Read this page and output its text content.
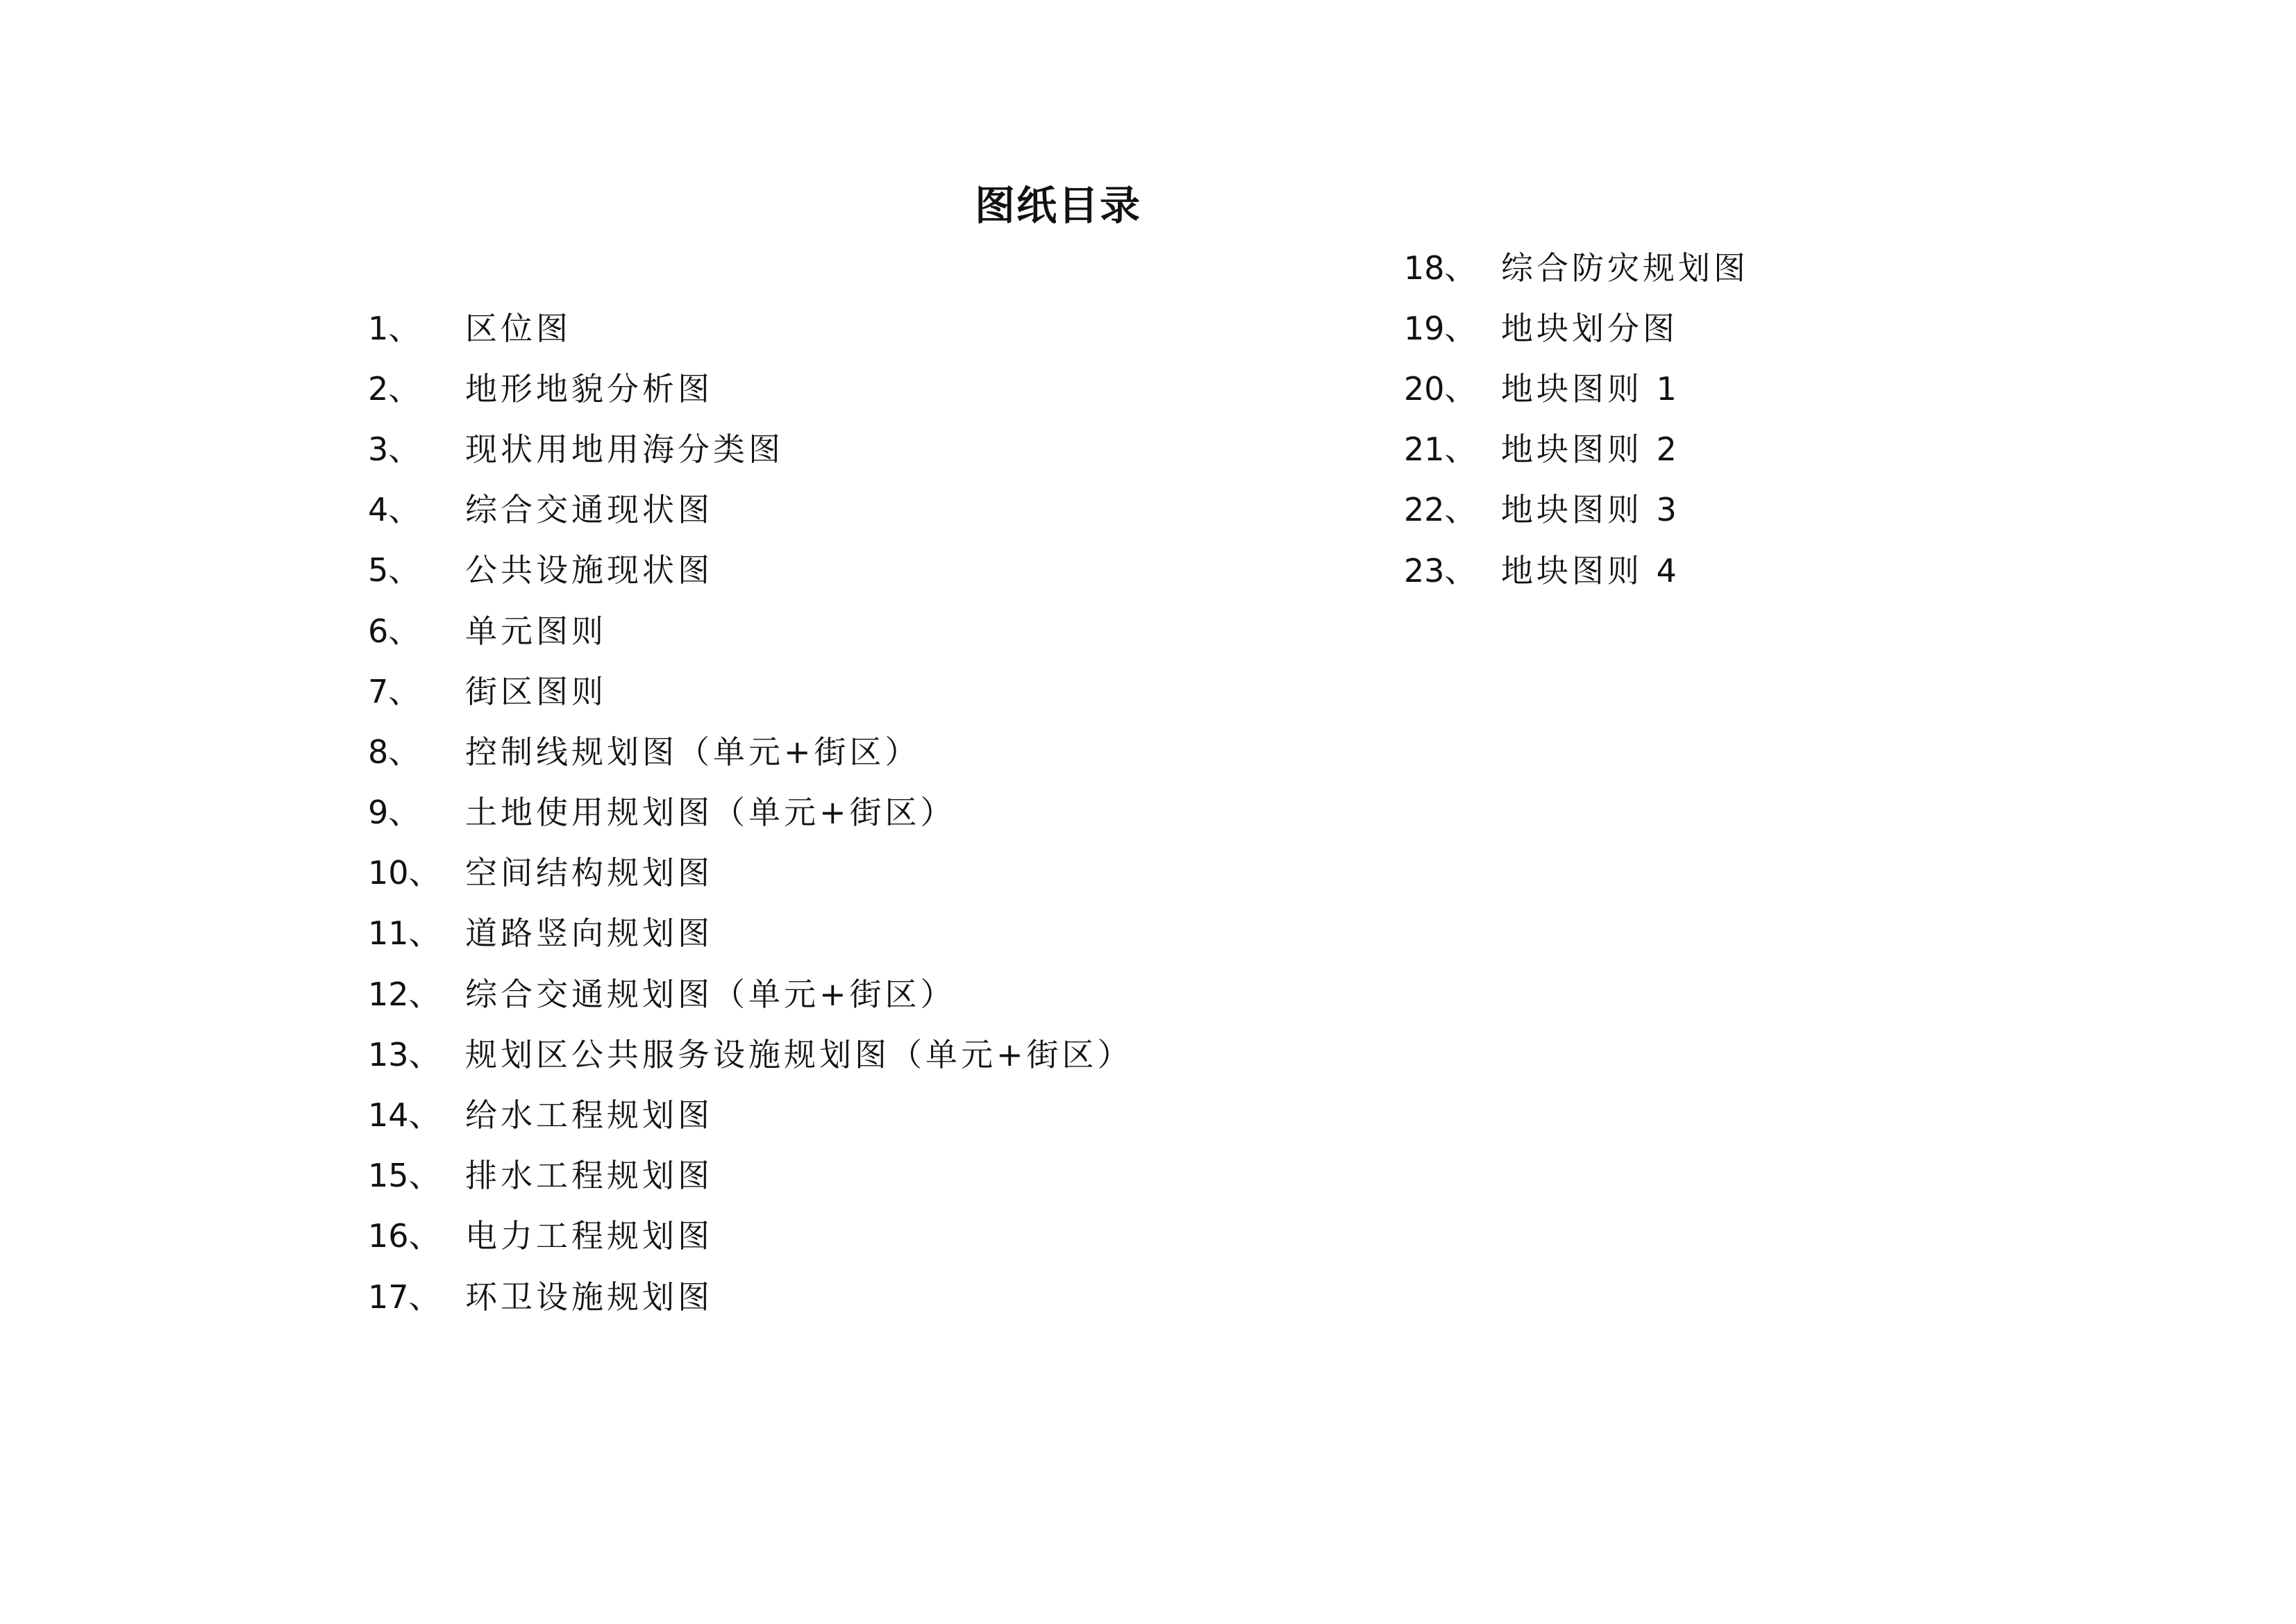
图纸目录
1、	区位图
2、	地形地貌分析图
3、	现状用地用海分类图
4、	综合交通现状图
5、	公共设施现状图
6、	单元图则
7、	街区图则
8、	控制线规划图（单元+街区）
9、	土地使用规划图（单元+街区）
10、 空间结构规划图
11、 道路竖向规划图
12、 综合交通规划图（单元+街区）
13、 规划区公共服务设施规划图（单元+街区）
14、 给水工程规划图
15、 排水工程规划图
16、 电力工程规划图
17、 环卫设施规划图
18、 综合防灾规划图
19、 地块划分图
20、 地块图则 1
21、 地块图则 2
22、 地块图则 3
23、 地块图则 4
